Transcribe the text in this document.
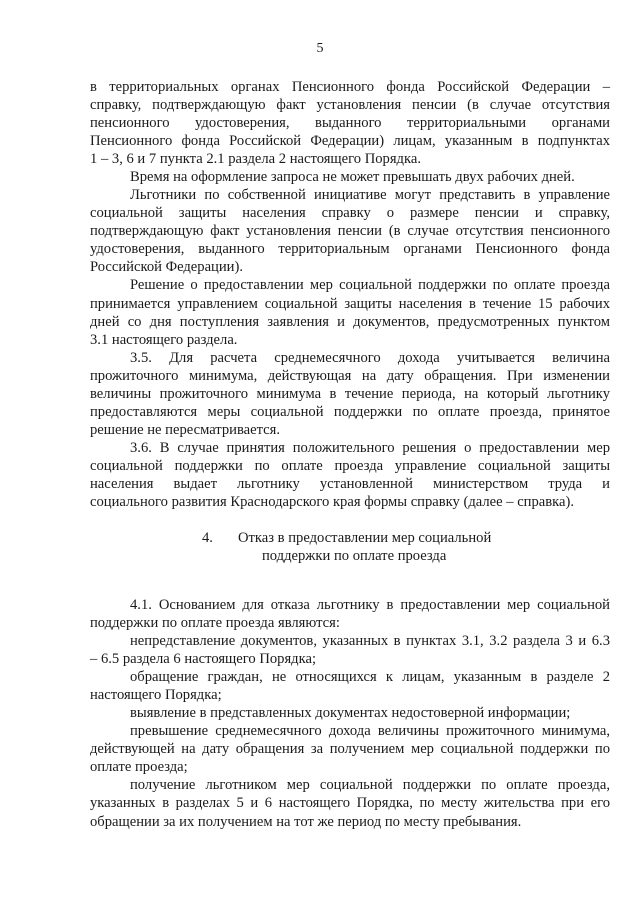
5
в территориальных органах Пенсионного фонда Российской Федерации –
справку, подтверждающую факт установления пенсии (в случае отсутствия
пенсионного удостоверения, выданного территориальными органами
Пенсионного фонда Российской Федерации) лицам, указанным в подпунктах
1 – 3, 6 и 7 пункта 2.1 раздела 2 настоящего Порядка.
Время на оформление запроса не может превышать двух рабочих дней.
Льготники по собственной инициативе могут представить в управление
социальной защиты населения справку о размере пенсии и справку,
подтверждающую факт установления пенсии (в случае отсутствия пенсионного
удостоверения, выданного территориальным органами Пенсионного фонда
Российской Федерации).
Решение о предоставлении мер социальной поддержки по оплате проезда
принимается управлением социальной защиты населения в течение 15 рабочих
дней со дня поступления заявления и документов, предусмотренных пунктом
3.1 настоящего раздела.
3.5. Для расчета среднемесячного дохода учитывается величина
прожиточного минимума, действующая на дату обращения. При изменении
величины прожиточного минимума в течение периода, на который льготнику
предоставляются меры социальной поддержки по оплате проезда, принятое
решение не пересматривается.
3.6. В случае принятия положительного решения о предоставлении мер
социальной поддержки по оплате проезда управление социальной защиты
населения выдает льготнику установленной министерством труда и
социального развития Краснодарского края формы справку (далее – справка).
4.	Отказ в предоставлении мер социальной
поддержки по оплате проезда
4.1. Основанием для отказа льготнику в предоставлении мер социальной
поддержки по оплате проезда являются:
непредставление документов, указанных в пунктах 3.1, 3.2 раздела 3 и 6.3
– 6.5 раздела 6 настоящего Порядка;
обращение граждан, не относящихся к лицам, указанным в разделе 2
настоящего Порядка;
выявление в представленных документах недостоверной информации;
превышение среднемесячного дохода величины прожиточного минимума,
действующей на дату обращения за получением мер социальной поддержки по
оплате проезда;
получение льготником мер социальной поддержки по оплате проезда,
указанных в разделах 5 и 6 настоящего Порядка, по месту жительства при его
обращении за их получением на тот же период по месту пребывания.
